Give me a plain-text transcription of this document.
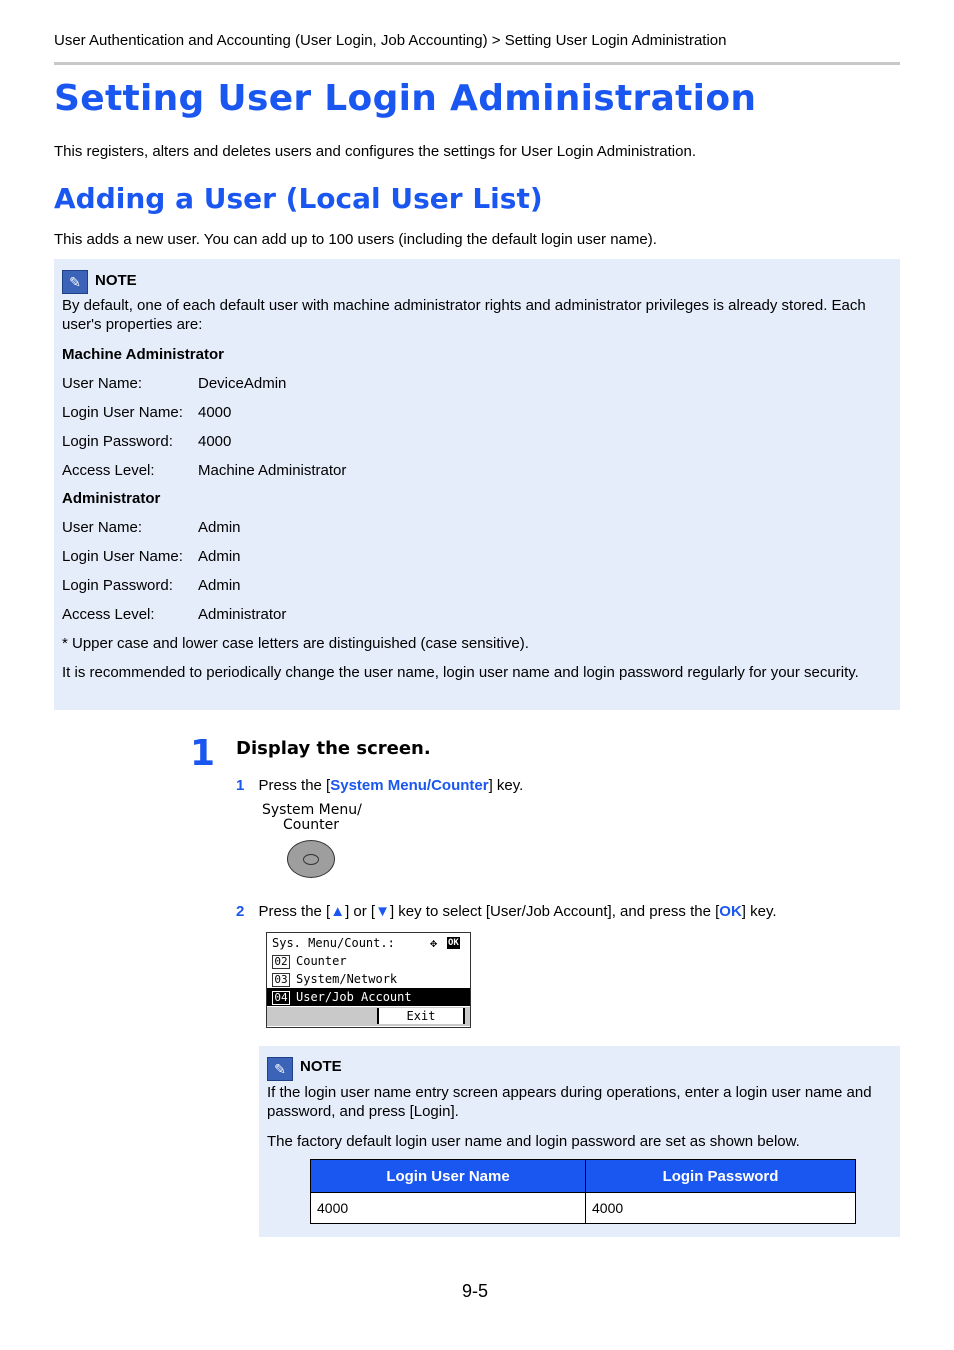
User Authentication and Accounting (User Login, Job Accounting) > Setting User Login Administration
Setting User Login Administration
This registers, alters and deletes users and configures the settings for User Login Administration.
Adding a User (Local User List)
This adds a new user. You can add up to 100 users (including the default login user name).
✎ NOTE
By default, one of each default user with machine administrator rights and administrator privileges is already stored. Each user's properties are:
Machine Administrator
User Name:	DeviceAdmin
Login User Name: 4000
Login Password: 4000
Access Level:	Machine Administrator
Administrator
User Name:	Admin
Login User Name: Admin
Login Password: Admin
Access Level:	Administrator
* Upper case and lower case letters are distinguished (case sensitive).
It is recommended to periodically change the user name, login user name and login password regularly for your security.
1 Display the screen.
1 Press the [System Menu/Counter] key.
System Menu/
Counter
2 Press the [▲] or [▼] key to select [User/Job Account], and press the [OK] key.
Sys. Menu/Count.:	✥ OK
02 Counter
03 System/Network
04 User/Job Account
Exit
✎ NOTE
If the login user name entry screen appears during operations, enter a login user name and password, and press [Login].
The factory default login user name and login password are set as shown below.
Login User Name	Login Password
4000	4000
9-5
